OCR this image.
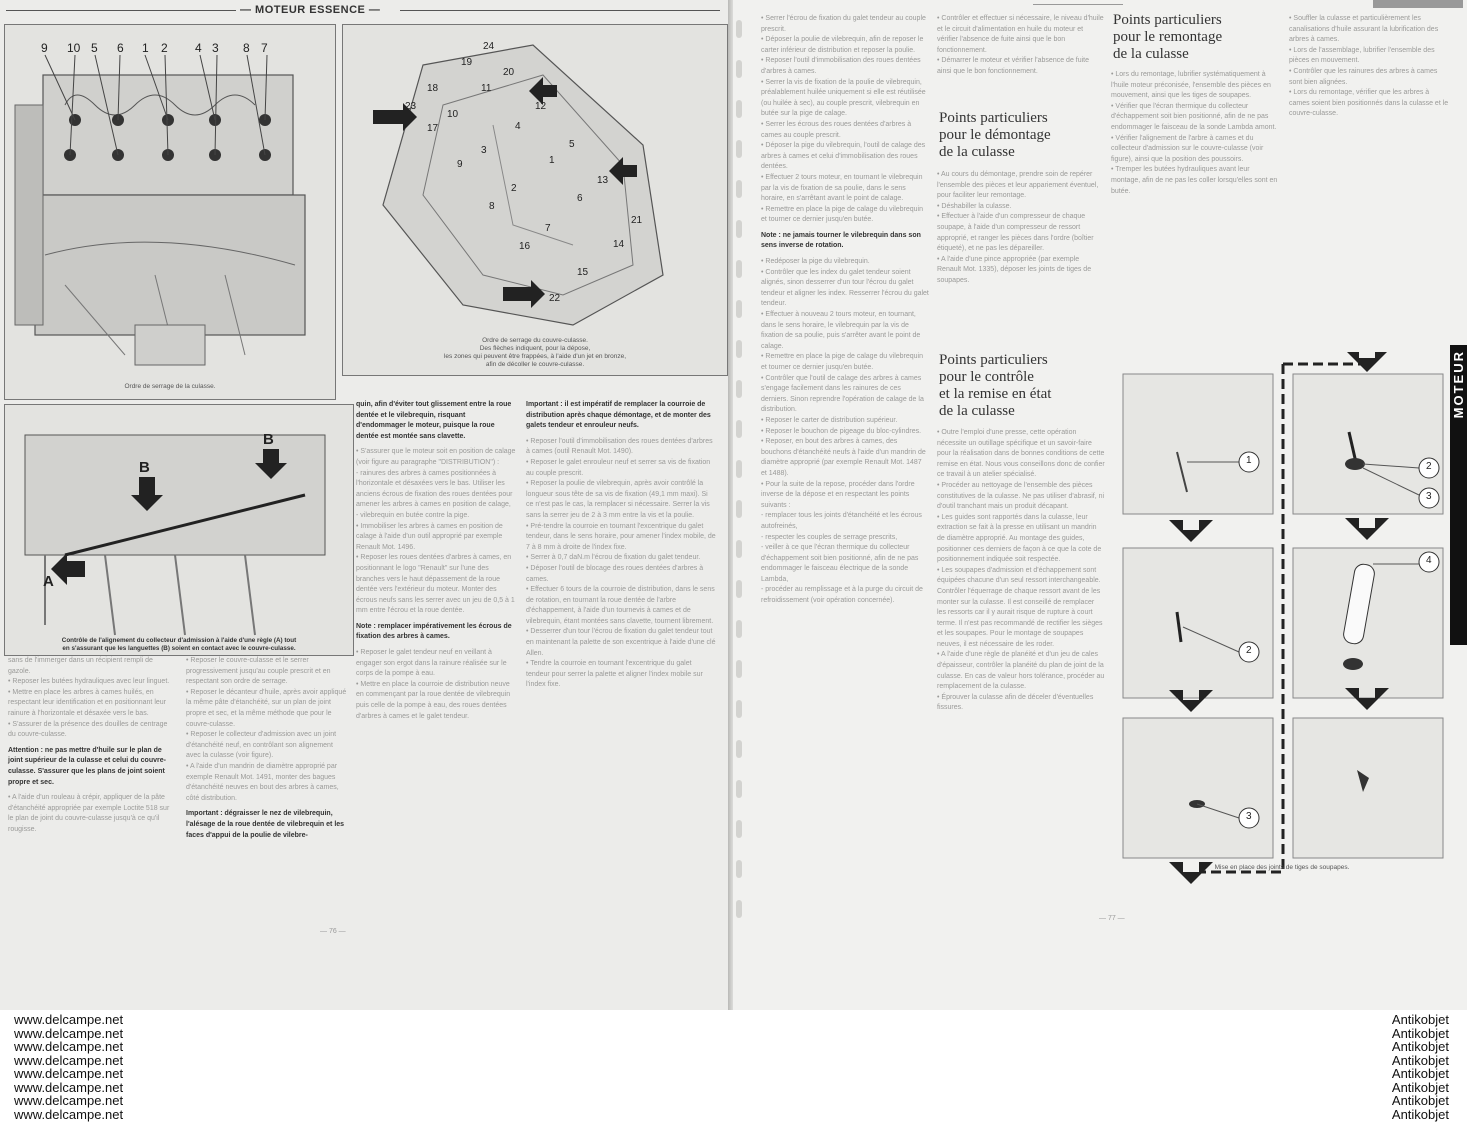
— MOTEUR ESSENCE —
9 10 5 6 1 2 4 3 8 7
Ordre de serrage de la culasse.
24
19
20
18	11
12
23
10
17	4
3
5
1
9
13
2
6
8
21
7
16	14
15
22
Ordre de serrage du couvre-culasse.
Des flèches indiquent, pour la dépose,
les zones qui peuvent être frappées, à l'aide d'un jet en bronze,
afin de décoller le couvre-culasse.
B
B
A
Contrôle de l'alignement du collecteur d'admission à l'aide d'une règle (A) tout
en s'assurant que les languettes (B) soient en contact avec le couvre-culasse.

sans de l'immerger dans un récipient rempli de gazole.
• Reposer les butées hydrauliques avec leur linguet.
• Mettre en place les arbres à cames huilés, en respectant leur identification et en positionnant leur rainure à l'horizontale et désaxée vers le bas.
• S'assurer de la présence des douilles de centrage du couvre-culasse.

Attention : ne pas mettre d'huile sur le plan de joint supérieur de la culasse et celui du couvre-culasse. S'assurer que les plans de joint soient propre et sec.

• A l'aide d'un rouleau à crépir, appliquer de la pâte d'étanchéité appropriée par exemple Loctite 518 sur le plan de joint du couvre-culasse jusqu'à ce qu'il rougisse.

• Reposer le couvre-culasse et le serrer progressivement jusqu'au couple prescrit et en respectant son ordre de serrage.
• Reposer le décanteur d'huile, après avoir appliqué la même pâte d'étanchéité, sur un plan de joint propre et sec, et la même méthode que pour le couvre-culasse.
• Reposer le collecteur d'admission avec un joint d'étanchéité neuf, en contrôlant son alignement avec la culasse (voir figure).
• A l'aide d'un mandrin de diamètre approprié par exemple Renault Mot. 1491, monter des bagues d'étanchéité neuves en bout des arbres à cames, côté distribution.

Important : dégraisser le nez de vilebrequin, l'alésage de la roue dentée de vilebrequin et les faces d'appui de la poulie de vilebre-

quin, afin d'éviter tout glissement entre la roue dentée et le vilebrequin, risquant d'endommager le moteur, puisque la roue dentée est montée sans clavette.

• S'assurer que le moteur soit en position de calage (voir figure au paragraphe "DISTRIBUTION") :
- rainures des arbres à cames positionnées à l'horizontale et désaxées vers le bas. Utiliser les anciens écrous de fixation des roues dentées pour amener les arbres à cames en position de calage,
- vilebrequin en butée contre la pige.
• Immobiliser les arbres à cames en position de calage à l'aide d'un outil approprié par exemple Renault Mot. 1496.
• Reposer les roues dentées d'arbres à cames, en positionnant le logo "Renault" sur l'une des branches vers le haut dépassement de la roue dentée vers l'extérieur du moteur. Monter des écrous neufs sans les serrer avec un jeu de 0,5 à 1 mm entre l'écrou et la roue dentée.

Note : remplacer impérativement les écrous de fixation des arbres à cames.

• Reposer le galet tendeur neuf en veillant à engager son ergot dans la rainure réalisée sur le corps de la pompe à eau.
• Mettre en place la courroie de distribution neuve en commençant par la roue dentée de vilebrequin puis celle de la pompe à eau, des roues dentées d'arbres à cames et le galet tendeur.

Important : il est impératif de remplacer la courroie de distribution après chaque démontage, et de monter des galets tendeur et enrouleur neufs.

• Reposer l'outil d'immobilisation des roues dentées d'arbres à cames (outil Renault Mot. 1490).
• Reposer le galet enrouleur neuf et serrer sa vis de fixation au couple prescrit.
• Reposer la poulie de vilebrequin, après avoir contrôlé la longueur sous tête de sa vis de fixation (49,1 mm maxi). Si ce n'est pas le cas, la remplacer si nécessaire. Serrer la vis sans la serrer jeu de 2 à 3 mm entre la vis et la poulie.
• Pré-tendre la courroie en tournant l'excentrique du galet tendeur, dans le sens horaire, pour amener l'index mobile, de 7 à 8 mm à droite de l'index fixe.
• Serrer à 0,7 daN.m l'écrou de fixation du galet tendeur.
• Déposer l'outil de blocage des roues dentées d'arbres à cames.
• Effectuer 6 tours de la courroie de distribution, dans le sens de rotation, en tournant la roue dentée de l'arbre d'échappement, à l'aide d'un tournevis à cames et de vilebrequin, étant montées sans clavette, tournent librement.
• Desserrer d'un tour l'écrou de fixation du galet tendeur tout en maintenant la palette de son excentrique à l'aide d'une clé Allen.
• Tendre la courroie en tournant l'excentrique du galet tendeur pour serrer la palette et aligner l'index mobile sur l'index fixe.

— 76 —

• Serrer l'écrou de fixation du galet tendeur au couple prescrit.
• Déposer la poulie de vilebrequin, afin de reposer le carter inférieur de distribution et reposer la poulie.
• Reposer l'outil d'immobilisation des roues dentées d'arbres à cames.
• Serrer la vis de fixation de la poulie de vilebrequin, préalablement huilée uniquement si elle est réutilisée (ou huilée à sec), au couple prescrit, vilebrequin en butée sur la pige de calage.
• Serrer les écrous des roues dentées d'arbres à cames au couple prescrit.
• Déposer la pige du vilebrequin, l'outil de calage des arbres à cames et celui d'immobilisation des roues dentées.
• Effectuer 2 tours moteur, en tournant le vilebrequin par la vis de fixation de sa poulie, dans le sens horaire, en s'arrêtant avant le point de calage.
• Remettre en place la pige de calage du vilebrequin et tourner ce dernier jusqu'en butée.

Note : ne jamais tourner le vilebrequin dans son sens inverse de rotation.

• Redéposer la pige du vilebrequin.
• Contrôler que les index du galet tendeur soient alignés, sinon desserrer d'un tour l'écrou du galet tendeur et aligner les index. Resserrer l'écrou du galet tendeur.
• Effectuer à nouveau 2 tours moteur, en tournant, dans le sens horaire, le vilebrequin par la vis de fixation de sa poulie, puis s'arrêter avant le point de calage.
• Remettre en place la pige de calage du vilebrequin et tourner ce dernier jusqu'en butée.
• Contrôler que l'outil de calage des arbres à cames s'engage facilement dans les rainures de ces derniers. Sinon reprendre l'opération de calage de la distribution.
• Reposer le carter de distribution supérieur.
• Reposer le bouchon de pigeage du bloc-cylindres.
• Reposer, en bout des arbres à cames, des bouchons d'étanchéité neufs à l'aide d'un mandrin de diamètre approprié (par exemple Renault Mot. 1487 et 1488).
• Pour la suite de la repose, procéder dans l'ordre inverse de la dépose et en respectant les points suivants :
- remplacer tous les joints d'étanchéité et les écrous autofreinés,
- respecter les couples de serrage prescrits,
- veiller à ce que l'écran thermique du collecteur d'échappement soit bien positionné, afin de ne pas endommager le faisceau électrique de la sonde Lambda,
- procéder au remplissage et à la purge du circuit de refroidissement (voir opération concernée).

• Contrôler et effectuer si nécessaire, le niveau d'huile et le circuit d'alimentation en huile du moteur et vérifier l'absence de fuite ainsi que le bon fonctionnement.
• Démarrer le moteur et vérifier l'absence de fuite ainsi que le bon fonctionnement.

Points particuliers
pour le démontage
de la culasse

• Au cours du démontage, prendre soin de repérer l'ensemble des pièces et leur appariement éventuel, pour faciliter leur remontage.
• Déshabiller la culasse.
• Effectuer à l'aide d'un compresseur de chaque soupape, à l'aide d'un compresseur de ressort approprié, et ranger les pièces dans l'ordre (boîtier étiqueté), et ne pas les dépareiller.
• A l'aide d'une pince appropriée (par exemple Renault Mot. 1335), déposer les joints de tiges de soupapes.

Points particuliers
pour le contrôle
et la remise en état
de la culasse

• Outre l'emploi d'une presse, cette opération nécessite un outillage spécifique et un savoir-faire pour la réalisation dans de bonnes conditions de cette remise en état. Nous vous conseillons donc de confier ce travail à un atelier spécialisé.
• Procéder au nettoyage de l'ensemble des pièces constitutives de la culasse. Ne pas utiliser d'abrasif, ni d'outil tranchant mais un produit décapant.
• Les guides sont rapportés dans la culasse, leur extraction se fait à la presse en utilisant un mandrin de diamètre approprié. Au montage des guides, positionner ces derniers de façon à ce que la cote de positionnement indiquée soit respectée.
• Les soupapes d'admission et d'échappement sont équipées chacune d'un seul ressort interchangeable. Contrôler l'équerrage de chaque ressort avant de les monter sur la culasse. Il est conseillé de remplacer les ressorts car il y aurait risque de rupture à court terme. Il n'est pas recommandé de rectifier les sièges et les soupapes. Pour le montage de soupapes neuves, il est nécessaire de les roder.
• A l'aide d'une règle de planéité et d'un jeu de cales d'épaisseur, contrôler la planéité du plan de joint de la culasse. En cas de valeur hors tolérance, procéder au remplacement de la culasse.
• Éprouver la culasse afin de déceler d'éventuelles fissures.

Points particuliers
pour le remontage
de la culasse

• Lors du remontage, lubrifier systématiquement à l'huile moteur préconisée, l'ensemble des pièces en mouvement, ainsi que les tiges de soupapes.
• Vérifier que l'écran thermique du collecteur d'échappement soit bien positionné, afin de ne pas endommager le faisceau de la sonde Lambda amont.
• Vérifier l'alignement de l'arbre à cames et du collecteur d'admission sur le couvre-culasse (voir figure), ainsi que la position des poussoirs.
• Tremper les butées hydrauliques avant leur montage, afin de ne pas les coller lorsqu'elles sont en butée.

• Souffler la culasse et particulièrement les canalisations d'huile assurant la lubrification des arbres à cames.
• Lors de l'assemblage, lubrifier l'ensemble des pièces en mouvement.
• Contrôler que les rainures des arbres à cames sont bien alignées.
• Lors du remontage, vérifier que les arbres à cames soient bien positionnés dans la culasse et le couvre-culasse.

1
2
3
2
4
3
Mise en place des joints de tiges de soupapes.
— 77 —
MOTEUR
www.delcampe.net
www.delcampe.net
www.delcampe.net
www.delcampe.net
www.delcampe.net
www.delcampe.net
www.delcampe.net
www.delcampe.net
Antikobjet
Antikobjet
Antikobjet
Antikobjet
Antikobjet
Antikobjet
Antikobjet
Antikobjet
